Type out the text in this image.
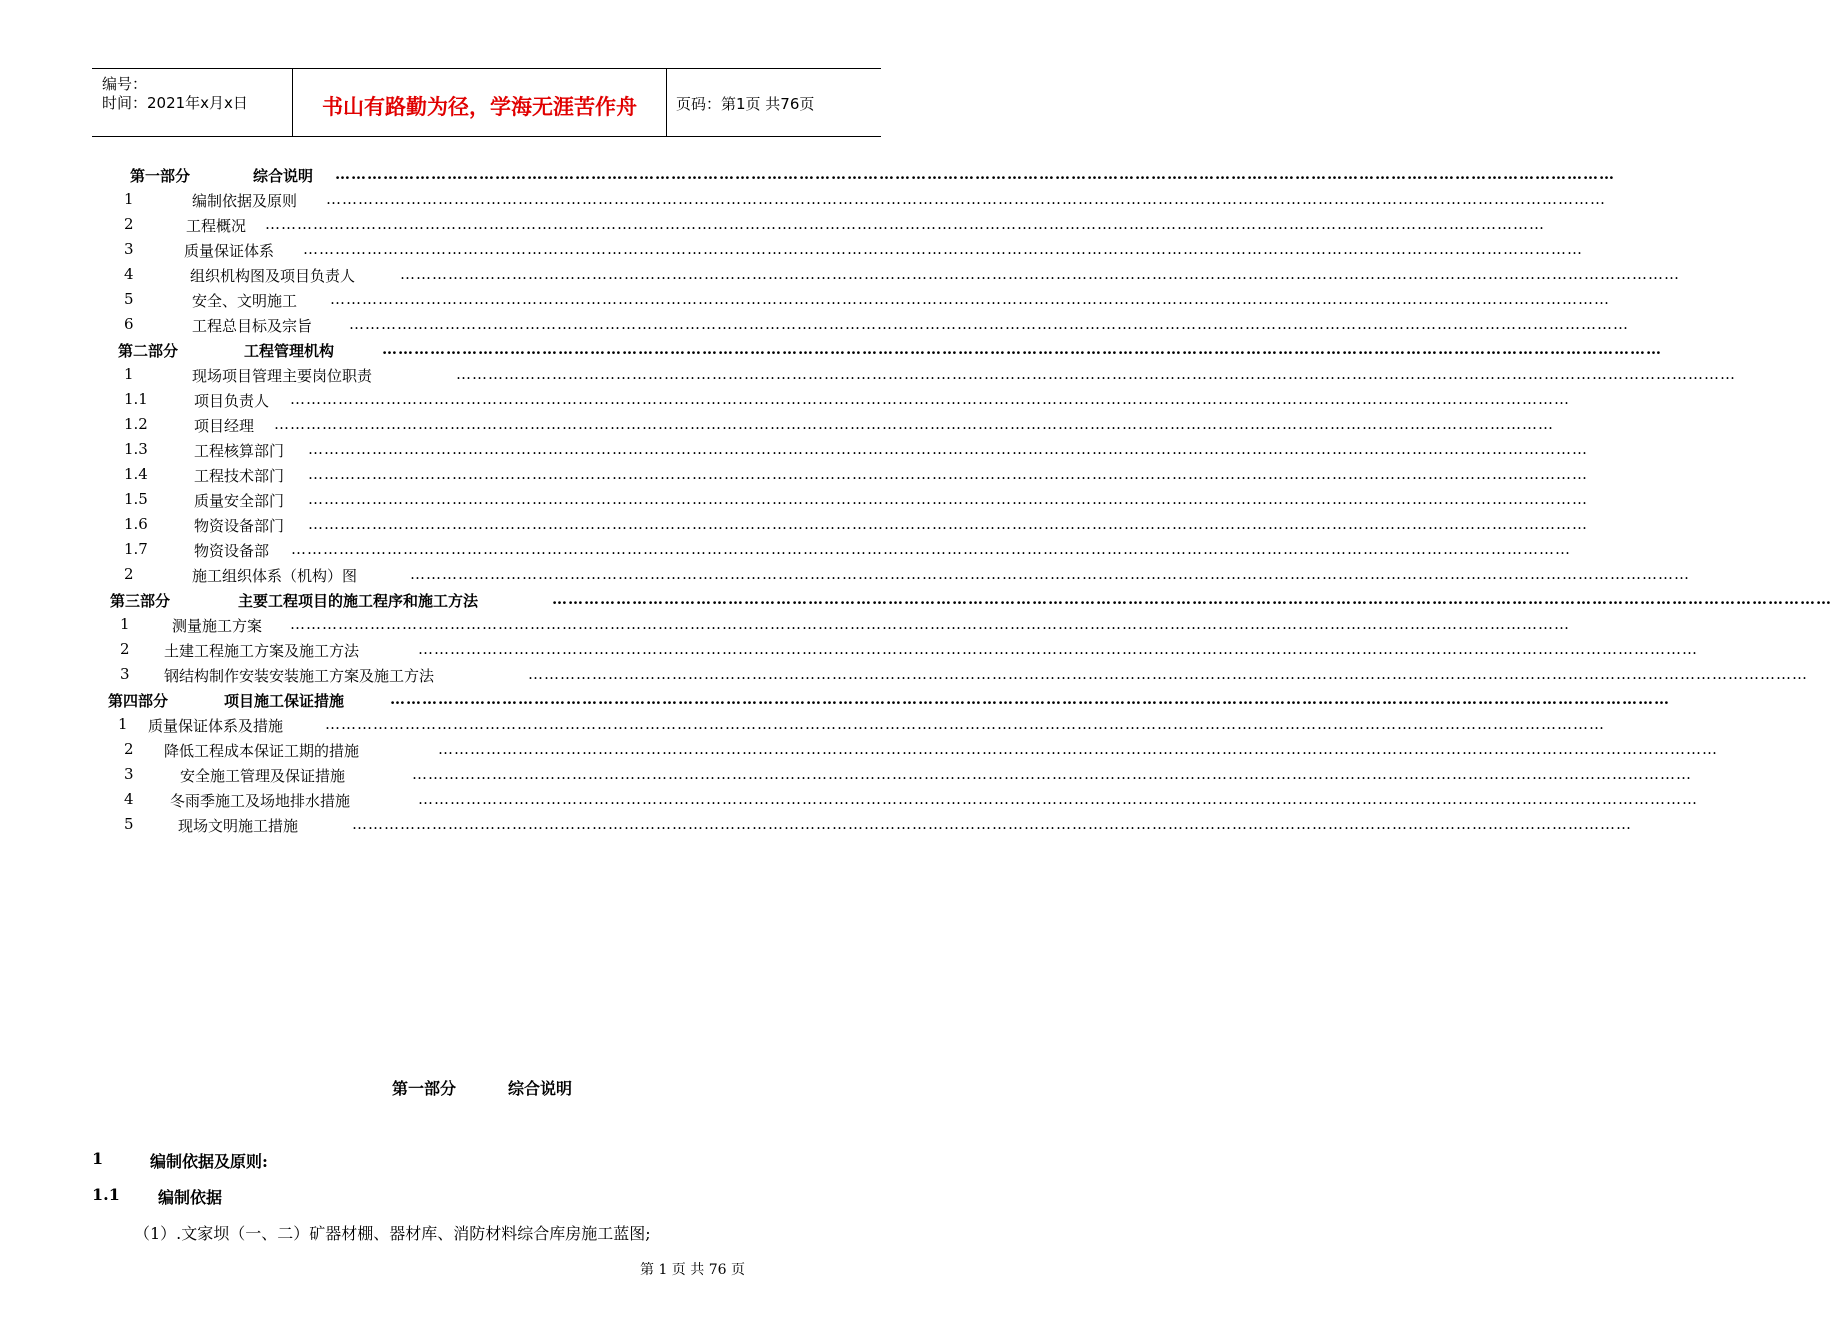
编号：
时间：2021年x月x日	书山有路勤为径，学海无涯苦作舟	页码：第1页 共76页
第一部分	综合说明 ……………………………………………………………………………………………………………………………………………………………………………………………………………………
1	编制依据及原则 ……………………………………………………………………………………………………………………………………………………………………………………………………………………
2	工程概况 ……………………………………………………………………………………………………………………………………………………………………………………………………………………
3	质量保证体系 ……………………………………………………………………………………………………………………………………………………………………………………………………………………
4	组织机构图及项目负责人	……………………………………………………………………………………………………………………………………………………………………………………………………………………
5	安全、文明施工 ……………………………………………………………………………………………………………………………………………………………………………………………………………………
6	工程总目标及宗旨 ……………………………………………………………………………………………………………………………………………………………………………………………………………………
第二部分	工程管理机构	……………………………………………………………………………………………………………………………………………………………………………………………………………………
1	现场项目管理主要岗位职责	……………………………………………………………………………………………………………………………………………………………………………………………………………………
1.1	项目负责人 ……………………………………………………………………………………………………………………………………………………………………………………………………………………
1.2	项目经理 ……………………………………………………………………………………………………………………………………………………………………………………………………………………
1.3	工程核算部门 ……………………………………………………………………………………………………………………………………………………………………………………………………………………
1.4	工程技术部门 ……………………………………………………………………………………………………………………………………………………………………………………………………………………
1.5	质量安全部门 ……………………………………………………………………………………………………………………………………………………………………………………………………………………
1.6	物资设备部门 ……………………………………………………………………………………………………………………………………………………………………………………………………………………
1.7	物资设备部 ……………………………………………………………………………………………………………………………………………………………………………………………………………………
2	施工组织体系（机构）图	……………………………………………………………………………………………………………………………………………………………………………………………………………………
第三部分	主要工程项目的施工程序和施工方法	……………………………………………………………………………………………………………………………………………………………………………………………………………………
1	测量施工方案 ……………………………………………………………………………………………………………………………………………………………………………………………………………………
2 土建工程施工方案及施工方法	……………………………………………………………………………………………………………………………………………………………………………………………………………………
3 钢结构制作安装安装施工方案及施工方法	……………………………………………………………………………………………………………………………………………………………………………………………………………………
第四部分	项目施工保证措施	……………………………………………………………………………………………………………………………………………………………………………………………………………………
1 质量保证体系及措施	……………………………………………………………………………………………………………………………………………………………………………………………………………………
2 降低工程成本保证工期的措施	……………………………………………………………………………………………………………………………………………………………………………………………………………………
3	安全施工管理及保证措施	……………………………………………………………………………………………………………………………………………………………………………………………………………………
4 冬雨季施工及场地排水措施	……………………………………………………………………………………………………………………………………………………………………………………………………………………
5	现场文明施工措施	……………………………………………………………………………………………………………………………………………………………………………………………………………………
第一部分	综合说明
1	编制依据及原则:
1.1 编制依据
（1）.文家坝（一、二）矿器材棚、器材库、消防材料综合库房施工蓝图;
第 1 页 共 76 页
